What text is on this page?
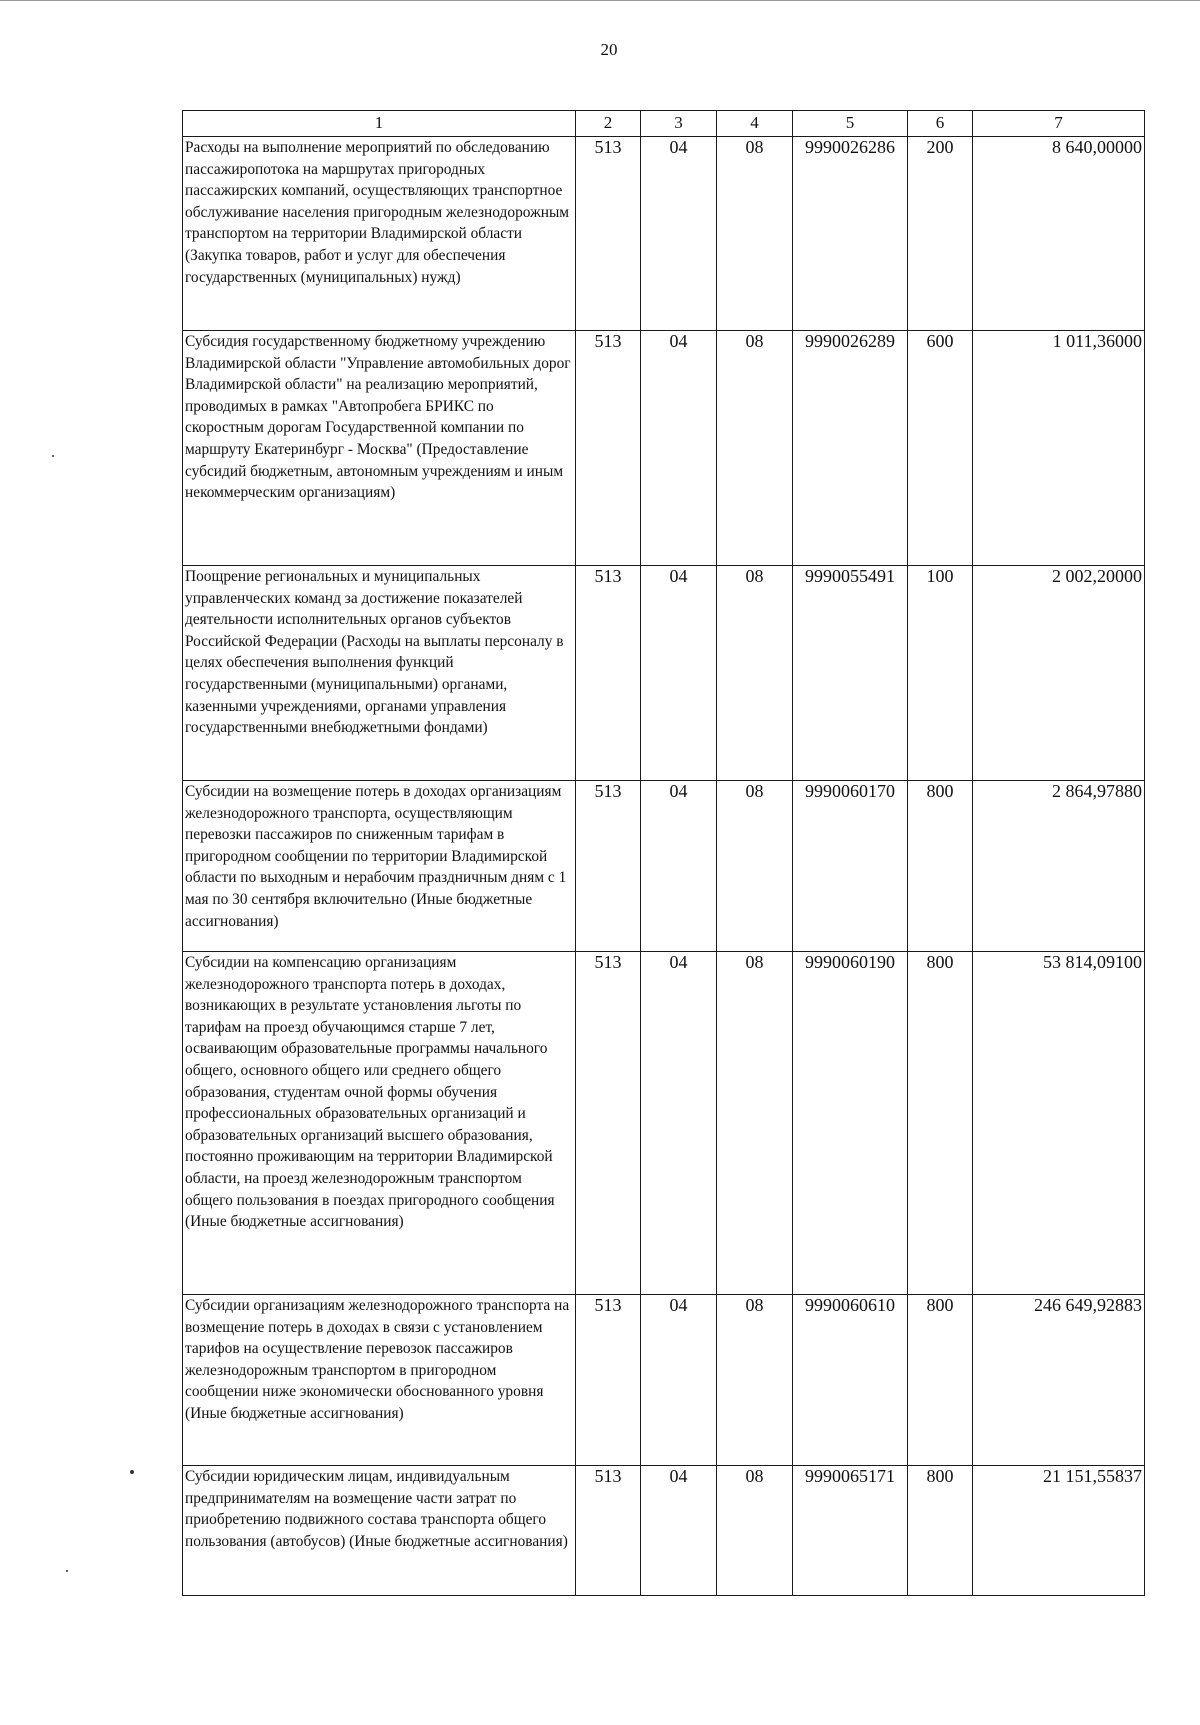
20
1	2	3	4	5	6	7
Расходы на выполнение мероприятий по обследованию пассажиропотока на маршрутах пригородных пассажирских компаний, осуществляющих транспортное обслуживание населения пригородным железнодорожным транспортом на территории Владимирской области (Закупка товаров, работ и услуг для обеспечения государственных (муниципальных) нужд)	513	04	08	9990026286	200	8 640,00000
Субсидия государственному бюджетному учреждению Владимирской области "Управление автомобильных дорог Владимирской области" на реализацию мероприятий, проводимых в рамках "Автопробега БРИКС по скоростным дорогам Государственной компании по маршруту Екатеринбург - Москва" (Предоставление субсидий бюджетным, автономным учреждениям и иным некоммерческим организациям)	513	04	08	9990026289	600	1 011,36000
Поощрение региональных и муниципальных управленческих команд за достижение показателей деятельности исполнительных органов субъектов Российской Федерации (Расходы на выплаты персоналу в целях обеспечения выполнения функций государственными (муниципальными) органами, казенными учреждениями, органами управления государственными внебюджетными фондами)	513	04	08	9990055491	100	2 002,20000
Субсидии на возмещение потерь в доходах организациям железнодорожного транспорта, осуществляющим перевозки пассажиров по сниженным тарифам в пригородном сообщении по территории Владимирской области по выходным и нерабочим праздничным дням с 1 мая по 30 сентября включительно (Иные бюджетные ассигнования)	513	04	08	9990060170	800	2 864,97880
Субсидии на компенсацию организациям железнодорожного транспорта потерь в доходах, возникающих в результате установления льготы по тарифам на проезд обучающимся старше 7 лет, осваивающим образовательные программы начального общего, основного общего или среднего общего образования, студентам очной формы обучения профессиональных образовательных организаций и образовательных организаций высшего образования, постоянно проживающим на территории Владимирской области, на проезд железнодорожным транспортом общего пользования в поездах пригородного сообщения (Иные бюджетные ассигнования)	513	04	08	9990060190	800	53 814,09100
Субсидии организациям железнодорожного транспорта на возмещение потерь в доходах в связи с установлением тарифов на осуществление перевозок пассажиров железнодорожным транспортом в пригородном сообщении ниже экономически обоснованного уровня (Иные бюджетные ассигнования)	513	04	08	9990060610	800	246 649,92883
Субсидии юридическим лицам, индивидуальным предпринимателям на возмещение части затрат по приобретению подвижного состава транспорта общего пользования (автобусов) (Иные бюджетные ассигнования)	513	04	08	9990065171	800	21 151,55837
